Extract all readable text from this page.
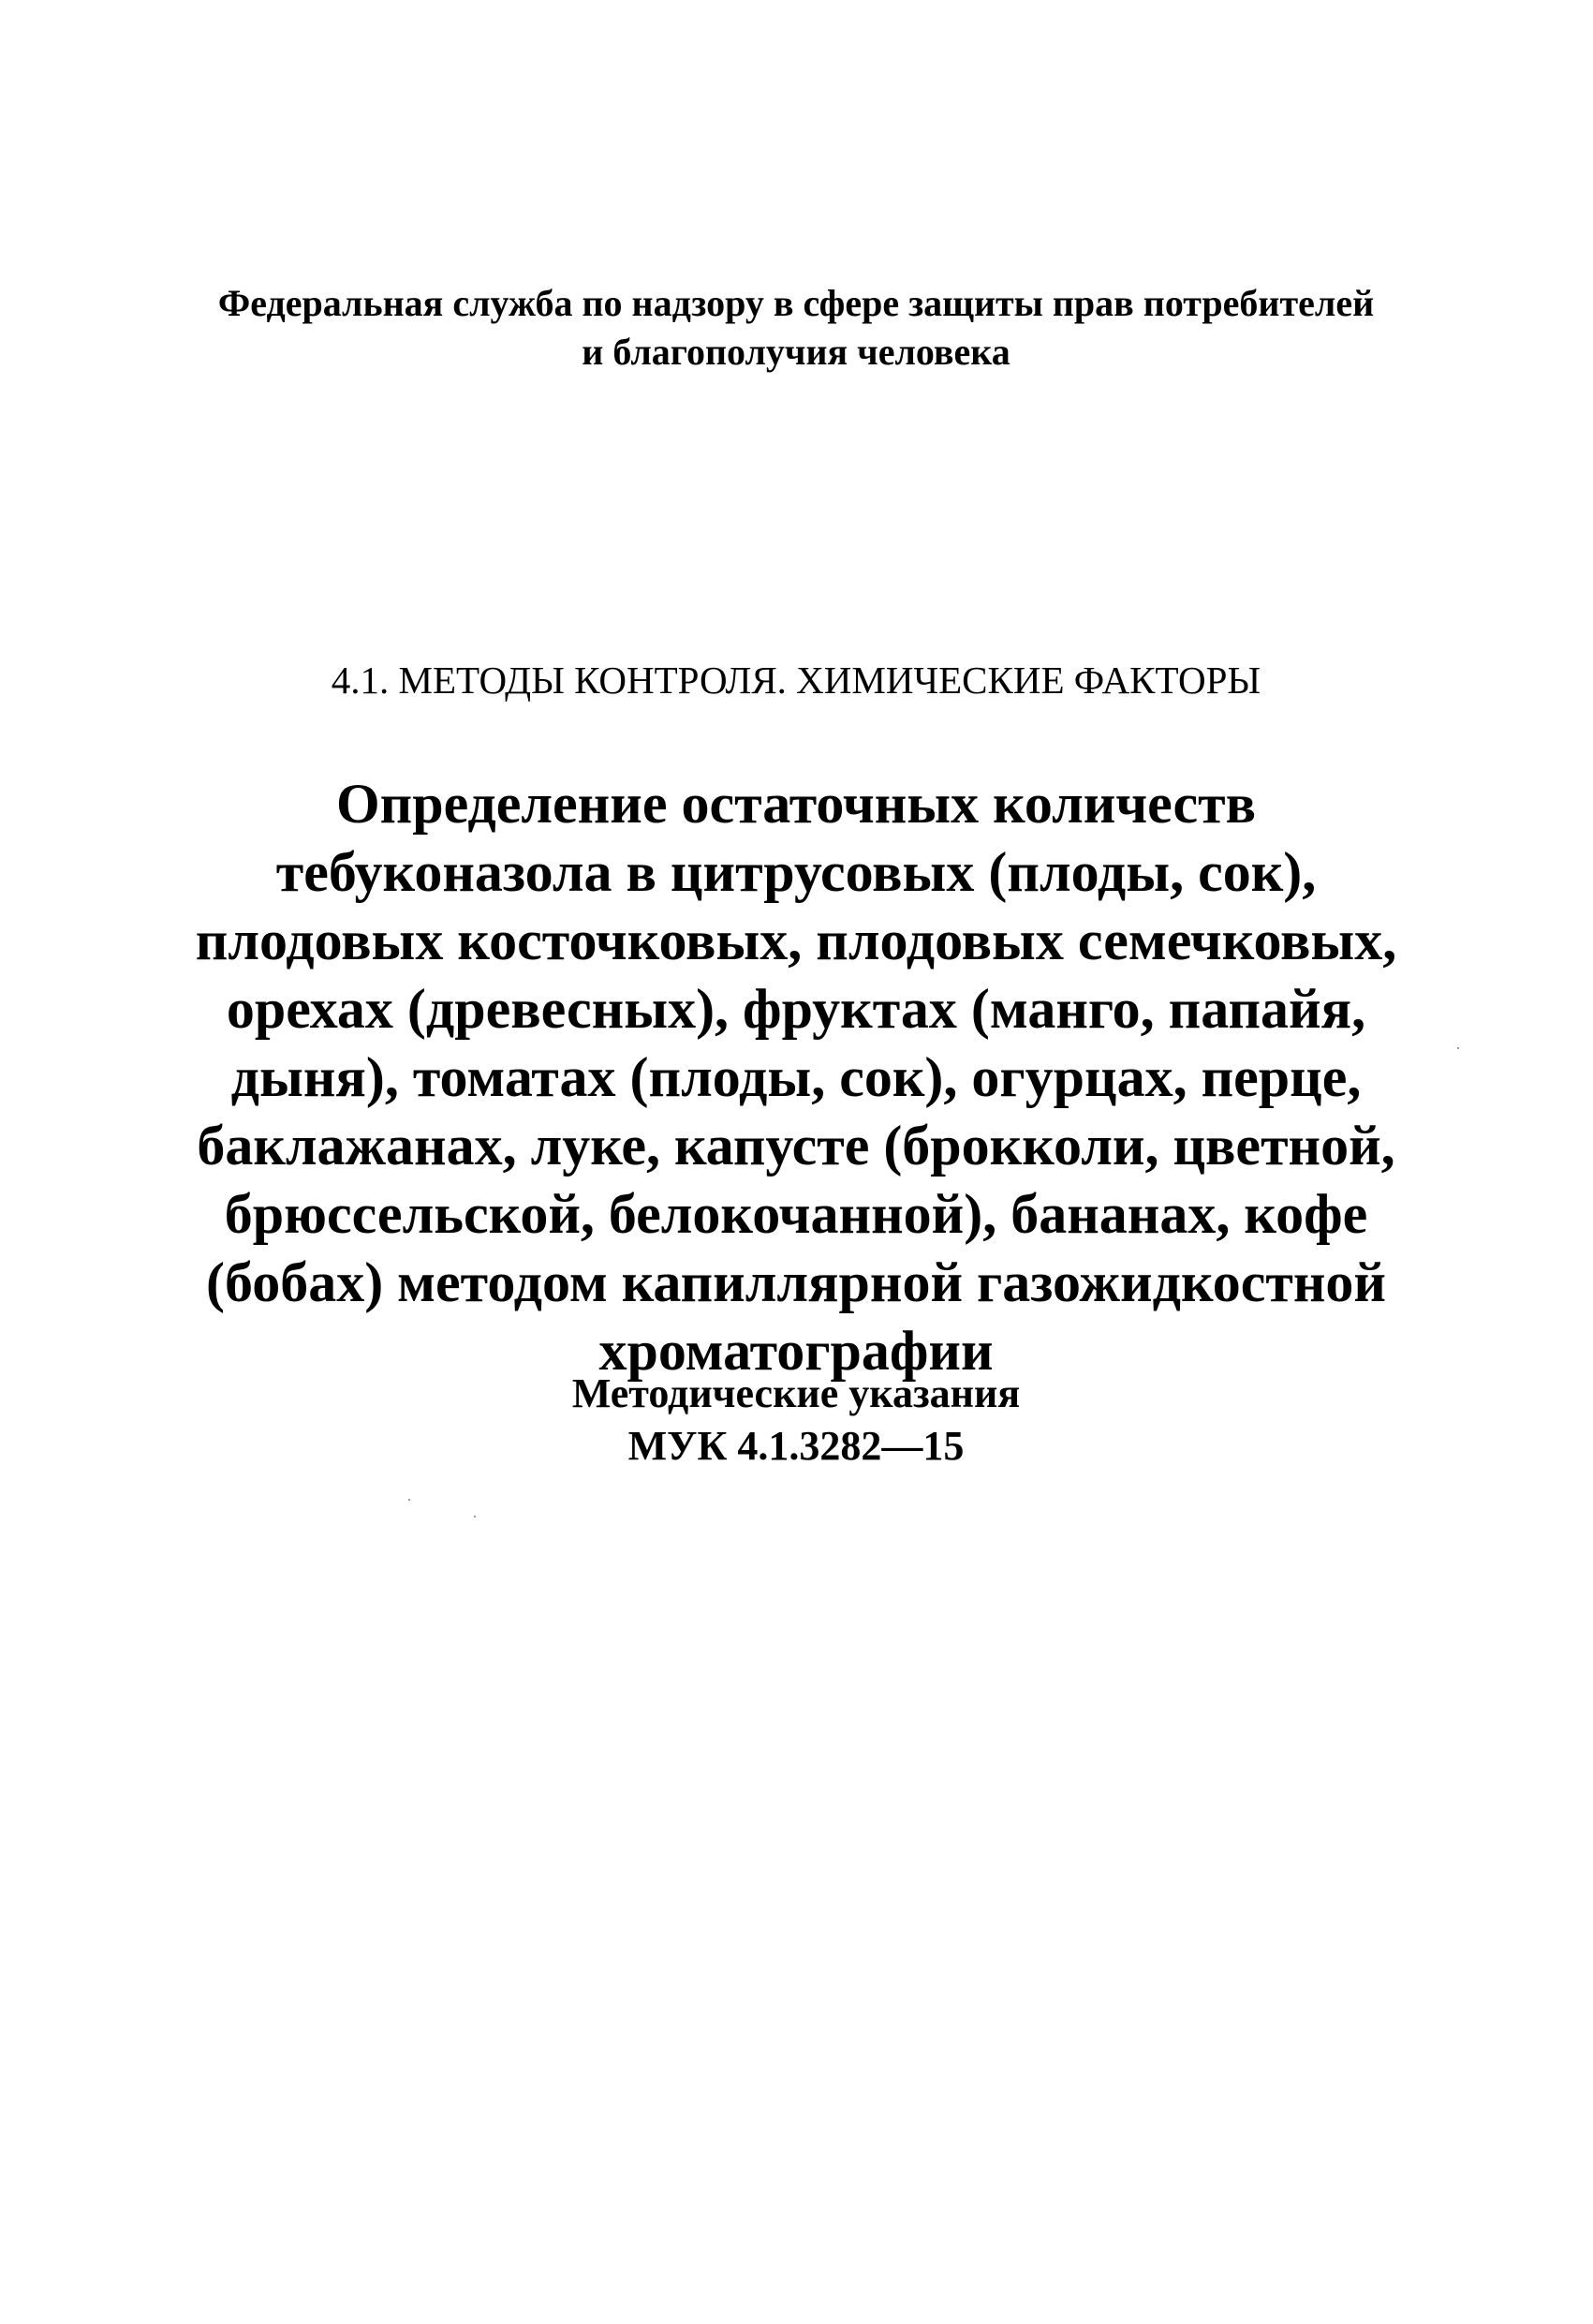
Федеральная служба по надзору в сфере защиты прав потребителей
и благополучия человека
4.1. МЕТОДЫ КОНТРОЛЯ. ХИМИЧЕСКИЕ ФАКТОРЫ
Определение остаточных количеств
тебуконазола в цитрусовых (плоды, сок),
плодовых косточковых, плодовых семечковых,
орехах (древесных), фруктах (манго, папайя,
дыня), томатах (плоды, сок), огурцах, перце,
баклажанах, луке, капусте (брокколи, цветной,
брюссельской, белокочанной), бананах, кофе
(бобах) методом капиллярной газожидкостной
хроматографии
Методические указания
МУК 4.1.3282—15
